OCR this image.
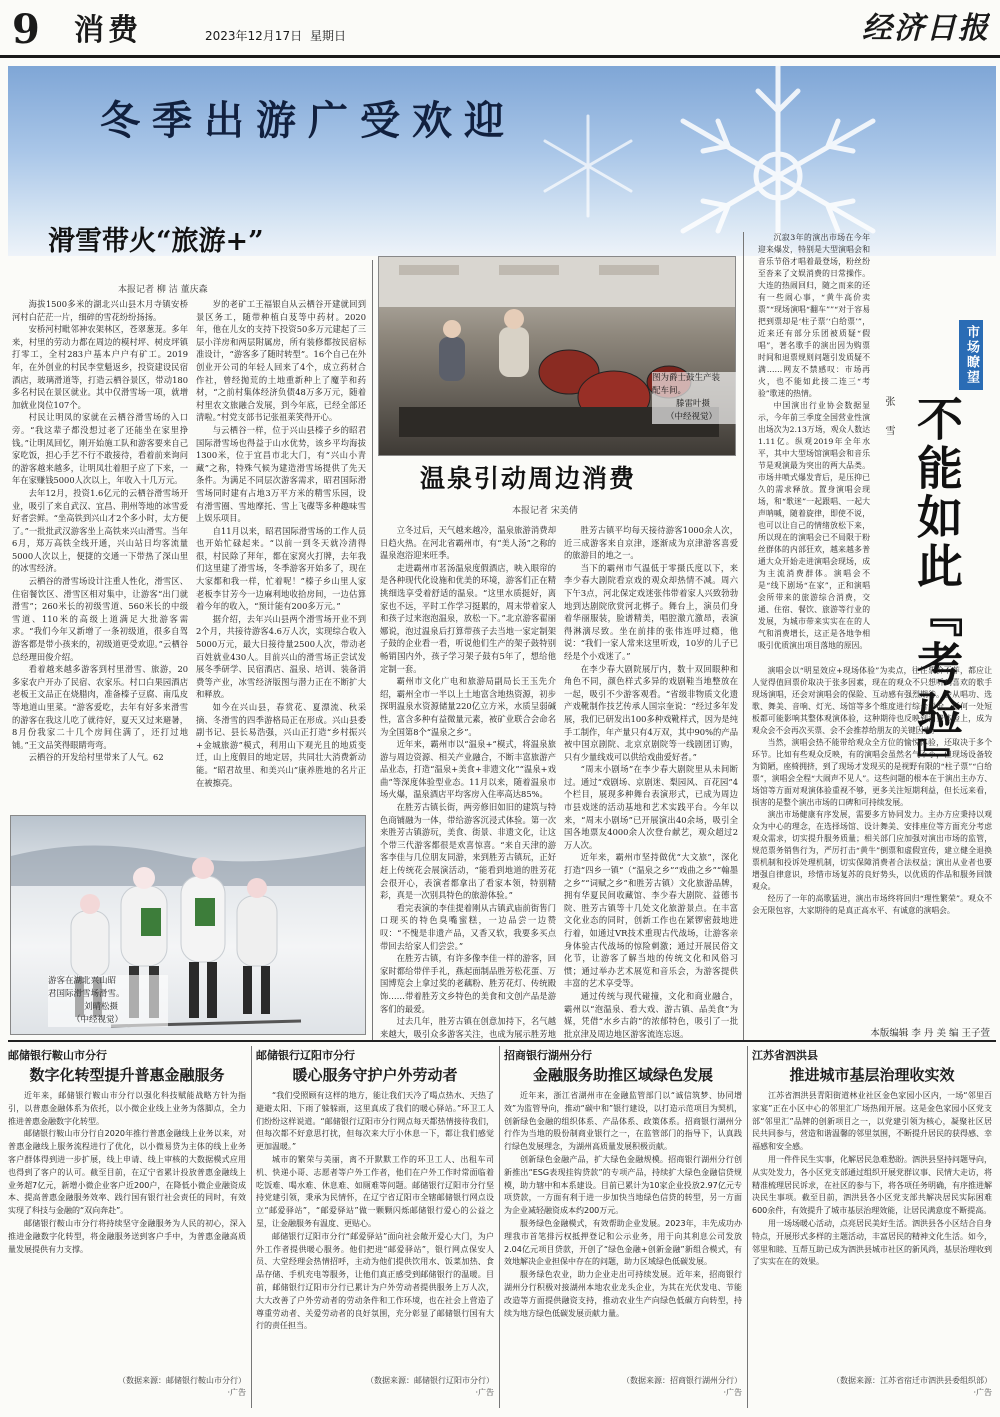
9 消费	2023年12月17日 星期日	经济日报
冬季出游广受欢迎
滑雪带火“旅游+”
本报记者 柳 洁 董庆森

海拔1500多米的湖北兴山县木月寺镇安桥河村白茫茫一片，细碎的雪花纷纷扬扬。

安桥河村毗邻神农架林区，苍翠葱茏。多年来，村里的劳动力都在周边的模村坪、树皮坪镇打零工，全村283户基本户户有矿工。2019年，在外创业的村民李堂魁返乡，投资建设民宿酒店，玻璃滑道等，打造云栖谷景区，带动180多名村民在景区就业。其中仅滑雪场一项，就增加就业岗位107个。

村民让明凤的家就在云栖谷滑雪场的入口旁。“我这辈子都没想过老了还能坐在家里挣钱。”让明凤回忆，刚开始施工队和游客要来自己家吃饭，担心手艺不行不敢接待，看着前来询问的游客越来越多，让明凤壮着胆子应了下来，一年在家赚钱5000人次以上，年收入十几万元。

去年12月，投资1.6亿元的云栖谷滑雪场开业，吸引了来自武汉、宜昌、荆州等地的冰雪爱好者尝鲜。“坐高铁到兴山才2个多小时，太方便了。”一批批武汉游客坐上高铁来兴山滑雪。当年6月，郑万高铁全线开通，兴山站日均客流量5000人次以上，便捷的交通一下带热了深山里的冰雪经济。

云栖谷的滑雪场设计注重人性化，滑雪区、住宿餐饮区、滑雪区相对集中，让游客“出门就滑雪”；260米长的初级雪道、560米长的中级雪道、110米的高级上道满足大批游客需求。“我们今年又新增了一条初级道，很多自驾游客都是带小孩来的，初级道更受欢迎。”云栖谷总经理田俊介绍。

看着越来越多游客到村里滑雪、旅游，20多家农户开办了民宿、农家乐。村口白果园酒店老板王文品正在烧腊肉，准备榛子豆腐、南瓜皮等地道山里菜。“游客爱吃，去年有好多来滑雪的游客在我这儿吃了就待好，夏天又过来避暑，8月份我家二十几个房间住满了，还打过地铺。”王文品笑得眼睛弯弯。

云栖谷的开发给村里带来了人气。62

岁的老矿工王福银自从云栖谷开建就回到景区务工，随带种植白芨等中药材。2020年，他在儿女的支持下投资50多万元建起了三层小洋房和两层附属房，所有装修都按民宿标准设计，“游客多了随时转型”。16个自己在外创业开公司的年轻人回来了4个，成立药材合作社，曾经抛荒的土地重新种上了魔芋和药材，“之前村集体经济负债48万多万元，随着村里农文旅融合发展，到今年底，已经全部还清啦。”村党支部书记张祖莱笑得开心。

与云栖谷一样，位于兴山县榛子乡的昭君国际滑雪场也得益于山水优势，该乡平均海拔1300米，位于宜昌市北大门，有“兴山小青藏”之称，特殊气候为建造滑雪场提供了先天条件。为满足不同层次游客需求，昭君国际滑雪场同时建有占地3万平方米的精雪乐园，设有滑雪圈、雪地摩托、雪上飞碟等多种趣味雪上娱乐项目。

自11月以来，昭君国际滑雪场的工作人员也开始忙碌起来。“以前一到冬天就冷清得很，村民除了拜年，都在家窝火打牌，去年我们这里建了滑雪场，冬季游客开始多了，现在大家都和我一样，忙着呢！”榛子乡山里人家老板李甘芳今一边麻利地收拾房间，一边估算着今年的收入，“预计能有200多万元。”

据介绍，去年兴山县两个滑雪场开业不到2个月，共接待游客4.6万人次，实现综合收入5000万元，最大日接待量2500人次，带动老百姓就业430人。目前兴山的滑雪场正尝试发展冬季研学、民宿酒店、温泉、培训、装备消费等产业，冰雪经济版图与潜力正在不断扩大和释放。

如今在兴山县，春赏花、夏漂流、秋采摘、冬滑雪的四季游格局正在形成。兴山县委副书记、县长易浩强，兴山正打造“乡村振兴+金城旅游”模式，利用山下观光且的地质变迁，山上度假目的地定居，共同壮大消费新动能。“昭君故里、和美兴山”康养胜地的名片正在被擦亮。

游客在湖北兴山昭
君国际滑雪场滑雪。
刘晴松摄
（中经视觉）
图为爵士鼓生产装
配车间。
滕雷叶摄
（中经视觉）
温泉引动周边消费
本报记者 宋美倩

立冬过后，天气越来越冷，温泉旅游消费却日趋火热。在河北省霸州市，有“美人汤”之称的温泉泡浴迎来旺季。

走进霸州市茗汤温泉度假酒店，映入眼帘的是各种现代化设施和优美的环境，游客们正在精挑细选享受着舒适的温泉。“这里水质挺好，离家也不远，平时工作学习挺累的，周末带着家人和孩子过来泡泡温泉，放松一下。”北京游客翟丽娜说，泡过温泉后打算带孩子去当地一家定制架子鼓的企业看一看，听说他们生产的架子鼓特别畅销国内外，孩子学习架子鼓有5年了，想给他定制一套。

霸州市文化广电和旅游局副局长王玉先介绍，霸州全市一半以上土地富含地热资源，初步探明温泉水资源储量220亿立方米，水质呈弱碱性，富含多种有益微量元素，被矿业联合会命名为全国第8个“温泉之乡”。

近年来，霸州市以“温泉+”模式，将温泉旅游与周边资源、相关产业融合，不断丰富旅游产品业态，打造“温泉+美食+非遗文化”“温泉+戏曲”等深度体验型业态。11月以来，随着温泉市场火爆，温泉酒店平均客房入住率高达85%。

在胜芳古镇长街，两旁修旧如旧的建筑与特色商铺融为一体，带给游客沉浸式体验。第一次来胜芳古镇游玩，美食、街景、非遗文化，让这个带三代游客都很是欢喜惊喜。“来自天津的游客李佳与几位朋友同游，来到胜芳古镇玩，正好赶上传统花会展演活动，“能看到地道的胜芳花会很开心，表演者都拿出了看家本领，特别精彩，真是一次别具特色的旅游体验。”

看完表演的李佳提着刚从古镇武庙前街售门口现买的特色臭嘴蜜糕，一边品尝一边赞叹：“不愧是非遗产品，又香又软，我要多买点带回去给家人们尝尝。”

在胜芳古镇，有许多像李佳一样的游客，回家时都给带伴手礼，燕起面制品胜芳松花蛋、万国博览会上拿过奖的老藕粉、胜芳花灯、传统殿饰……带着胜芳文乡特色的美食和文创产品是游客们的最爱。

过去几年，胜芳古镇在创意加持下，名气越来越大，吸引众多游客关注，也成为展示胜芳地

胜芳古镇平均每天接待游客1000余人次，近三成游客来自京津，逐渐成为京津游客喜爱的旅游目的地之一。

当下的霸州市气温低于零摄氏度以下，来李少春大剧院看京戏的观众却热情不减。周六下午3点，河北保定戏迷张伟带着家人兴致勃勃地到达剧院欣赏河北梆子。舞台上，演员们身着华丽服装，脸谱精美，唱腔激亢激昂，表演得淋漓尽致。坐在前排的张伟连呼过瘾，他说：“我们一家人常来这里听戏，10岁的儿子已经是个小戏迷了。”

在李少春大剧院展厅内，数十双回眼种和角色不同，颜色样式多异的戏剧鞋当地整放在一起，吸引不少游客观看。“省级非物质文化遗产戏靴制作技艺传承人国宗奎说：“经过多年发展，我们已研发出100多种戏靴样式，因为是纯手工制作，年产量只有4万双，其中90%的产品被中国京剧院、北京京剧院等一线剧团订购，只有少量线戏可以供给戏曲爱好者。”

“周末小剧场”在李少春大剧院里从未间断过。通过“戏剧场、京剧迷、梨园风、百花园”4个栏目，展现多种舞台表演形式，已成为周边市县戏迷的活动基地和艺术实践平台。今年以来，“周末小剧场”已开展演出40余场，吸引全国各地票友4000余人次登台献艺，观众超过2万人次。

近年来，霸州市坚持做优“大文旅”，深化打造“四乡一镇”（“温泉之乡”“戏曲之乡”“翰墨之乡”“词赋之乡”和胜芳古镇）文化旅游品牌，拥有华夏民间收藏馆、李少春大剧院、益德书院、胜芳古镇等十几处文化旅游景点。在丰富文化业态的同时，创新工作也在紧锣密鼓地进行着，如通过VR技术重现古代战场，让游客亲身体验古代战场的惊险刺激；通过开展民俗文化节，让游客了解当地的传统文化和风俗习惯；通过举办艺术展览和音乐会，为游客提供丰富的艺术享受等。

通过传统与现代碰撞，文化和商业融合，霸州以“泡温泉、看大戏、游古镇、品美食”为媒，凭借“水乡古韵”的浓郁特色，吸引了一批批京津及周边地区游客流连忘返。

市场瞭望
不能如此『考验』
张 雪

沉寂3年的演出市场在今年迎来爆发，特别是大型演唱会和音乐节俗才唱着最登场，粉丝纷至沓来了文娱消费的日常操作。大连的热闹回归，随之而来的还有一些闹心事，“黄牛高价卖票”“现场演唱“翻车””“对于容易把到票却是‘柱子票’‘白给票’”，近来还有部分乐团被质疑“假唱”，著名歌手的演出因为购票时间和退票规则问题引发质疑不满……网友不禁感叹：市场再火，也不能如此接二连三“考验”歌迷的热情。

中国演出行业协会数据显示，今年前三季度全国营业性演出场次为2.13万场，观众人数达1.11亿。纵观2019年全年水平，其中大型场馆演唱会和音乐节是观演最为突出的两大品类。市场井喷式爆发背后，是压抑已久的需求释放。置身演唱会现场，和“歌迷”一起跟唱、一起大声呐喊，随着旋律，即使不说，也可以让自己的情绪放松下来，所以现在的演唱会已不局限于粉丝群体的内部狂欢，越来越多普通大众开始走进演唱会现场，成为主流消费群体。演唱会不是“线下剧场“在家”，正和演唱会所带来的旅游综合消费，交通、住宿、餐饮、旅游等行业的发展，为城市带来实实在在的人气和消费增长，这正是各地争相吸引优质演出项目落地的原因。

演唱会以“明星效应+现场体验”为卖点，往往票价不菲，都应让人觉得值回票价取决于张多因素，现在的观众不只想听到喜欢的歌手现场演唱，还会对演唱会的保险、互动感有强烈期待。会从唱功、选歌、舞美、音响、灯光、场馆等多个维度进行综合评价，任何一处短板都可能影响其整体观演体验，这种期待也反映到消费体验上，成为观众会不会再次买票、会不会推荐给朋友的关键因素。

当然，演唱会热不能带给观众全方位的愉悦体验，还取决于多个环节。比如有些观众反映，有的演唱会虽然名气不小，但现场设备较为简陋，座椅拥挤，到了现场才发现买的是视野有限的“柱子票”“白给票”，演唱会全程“大闹声不见人”。这些问题的根本在于演出主办方、场馆等方面对观演体验重视不够，更多关注短期利益，但长远来看，损害的是整个演出市场的口碑和可持续发展。

演出市场健康有序发展，需要多方协同发力。主办方应秉持以观众为中心的理念，在选择场馆、设计舞美、安排座位等方面充分考虑观众需求，切实提升服务质量；相关部门应加强对演出市场的监管，规范票务销售行为，严厉打击“黄牛”倒票和虚假宣传，建立健全退换票机制和投诉处理机制，切实保障消费者合法权益；演出从业者也要增强自律意识，珍惜市场复苏的良好势头，以优质的作品和服务回馈观众。

经历了一年的高歌猛进，演出市场终将回归“理性繁荣”。观众不会无限包容，大家期待的是真正高水平、有诚意的演唱会。

本版编辑 李 丹 美 编 王子萱
邮储银行鞍山市分行
数字化转型提升普惠金融服务

近年来，邮储银行鞍山市分行以强化科技赋能战略方针为指引，以普惠金融体系为依托，以小微企业线上业务为落脚点，全力推进普惠金融数字化转型。

邮储银行鞍山市分行自2020年推行普惠金融线上业务以来，对普惠金融线上服务流程进行了优化，以小微易贷为主体的线上业务客户群体得到进一步扩展，线上申请、线上审核的大数据模式应用也得到了客户的认可。截至目前，在辽宁省累计投放普惠金融线上业务超7亿元，新增小微企业客户近200户，在降低小微企业融资成本、提高普惠金融服务效率、践行国有银行社会责任的同时，有效实现了科技与金融的“双向奔赴”。

邮储银行鞍山市分行将持续坚守金融服务为人民的初心，深入推进金融数字化转型，将金融服务送到客户手中，为普惠金融高质量发展提供有力支撑。

（数据来源：邮储银行鞍山市分行）
·广告
邮储银行辽阳市分行
暖心服务守护户外劳动者

“我们受照顾有这样的地方，能让我们天冷了喝点热水、天热了避避太阳、下雨了躲躲雨，这里真成了我们的暖心驿站。”环卫工人们纷纷这样说道。“邮储银行辽阳市分行网点每天都热情接待我们，但每次都不好意思打扰，但每次来大厅小休息一下，都让我们感觉更加温暖。”

城市的繁荣与美丽，离不开默默工作的环卫工人、出租车司机、快递小哥、志愿者等户外工作者，他们在户外工作时常面临着吃饭难、喝水难、休息难、如厕难等问题。邮储银行辽阳市分行坚持党建引领，秉承为民情怀，在辽宁省辽阳市全辖邮储银行网点设立“邮爱驿站”，“邮爱驿站”做一颗颗闪烁邮储银行爱心的公益之星，让金融服务有温度、更贴心。

邮储银行辽阳市分行“邮爱驿站”面向社会敞开爱心大门，为户外工作者提供暖心服务。他们把进“邮爱驿站”，银行网点保安人员、大堂经理会热情招呼，主动为他们提供饮用水、饭菜加热、食品存储、手机充电等服务，让他们真正感受到邮储银行的温暖。目前，邮储银行辽阳市分行已累计为户外劳动者提供服务上万人次，大大改善了户外劳动者的劳动条件和工作环境，也在社会上营造了尊重劳动者、关爱劳动者的良好氛围，充分彰显了邮储银行国有大行的责任担当。

（数据来源：邮储银行辽阳市分行）
·广告
招商银行湖州分行
金融服务助推区域绿色发展

近年来，浙江省湖州市在金融监管部门以“诚信筑梦、协同增效”为监管导向，推动“碳中和”银行建设，以打造示范项目为契机，创新绿色金融的组织体系、产品体系、政策体系。招商银行湖州分行作为当地的股份制商业银行之一，在监管部门的指导下，认真践行绿色发展理念，为湖州高质量发展积极贡献。

创新绿色金融产品，扩大绿色金融规模。招商银行湖州分行创新推出“ESG表现挂钩贷款”的专项产品，持续扩大绿色金融信贷规模，助力辖中和本系建设。目前已累计为10家企业投放2.97亿元专项贷款，一方面有利于进一步加快当地绿色信贷的转型，另一方面为企业减轻融资成本约200万元。

服务绿色金融模式，有效帮助企业发展。2023年，丰先成功办理我市首笔排污权抵押登记和公示业务，用于向其利息公司发放2.04亿元项目贷款，开创了“绿色金融+创新金融”新组合模式，有效地解决企业担保中存在的问题，助力区域绿色低碳发展。

服务绿色农业，助力企业走出可持续发展。近年来，招商银行湖州分行积极对接湖州本地农业龙头企业，为其在光伏发电、节能改造等方面提供融资支持，推动农业生产向绿色低碳方向转型，持续为地方绿色低碳发展贡献力量。

（数据来源：招商银行湖州分行）
·广告
江苏省泗洪县
推进城市基层治理收实效

江苏省泗洪县青阳街道林业社区金色家园小区内，一场“邻里百家宴”正在小区中心的邻里汇广场热闹开展。这是金色家园小区党支部“邻里汇”品牌的创新项目之一，以党建引领为核心，凝聚社区居民共同参与，营造和谐温馨的邻里氛围，不断提升居民的获得感、幸福感和安全感。

用一件件民生实事，化解居民急难愁盼。泗洪县坚持问题导向，从实处发力，各小区党支部通过组织开展党群议事、民情大走访，将精准梳理居民诉求，在社区的参与下，将各项任务明确，有序推进解决民生事项。截至目前，泗洪县各小区党支部共解决居民实际困难600余件，有效提升了城市基层治理效能，让居民满意度不断提高。

用一场场暖心活动，点亮居民美好生活。泗洪县各小区结合自身特点，开展形式多样的主题活动，丰富居民的精神文化生活。如今，邻里和睦、互帮互助已成为泗洪县城市社区的新风尚，基层治理收到了实实在在的效果。

（数据来源：江苏省宿迁市泗洪县委组织部）
·广告
